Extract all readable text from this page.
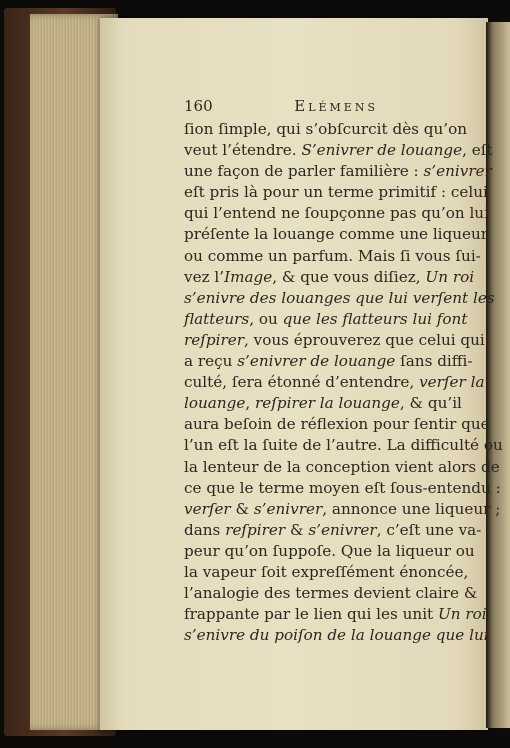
160	Elémens
ſion ſimple, qui s’obſcurcit dès qu’on
veut l’étendre. S’enivrer de louange, eſt
une façon de parler familière : s’enivrer
eſt pris là pour un terme primitif : celui
qui l’entend ne ſoupçonne pas qu’on lui
préſente la louange comme une liqueur
ou comme un parfum. Mais ſi vous ſui-
vez l’Image, & que vous diſiez, Un roi
s’enivre des louanges que lui verſent les
flatteurs, ou que les flatteurs lui font
reſpirer, vous éprouverez que celui qui
a reçu s’enivrer de louange ſans diffi-
culté, ſera étonné d’entendre, verſer la
louange, reſpirer la louange, & qu’il
aura beſoin de réflexion pour ſentir que
l’un eſt la ſuite de l’autre. La difficulté ou
la lenteur de la conception vient alors de
ce que le terme moyen eſt ſous-entendu :
verſer & s’enivrer, annonce une liqueur ;
dans reſpirer & s’enivrer, c’eſt une va-
peur qu’on ſuppoſe. Que la liqueur ou
la vapeur ſoit expreſſément énoncée,
l’analogie des termes devient claire &
frappante par le lien qui les unit Un roi
s’enivre du poiſon de la louange que lui
